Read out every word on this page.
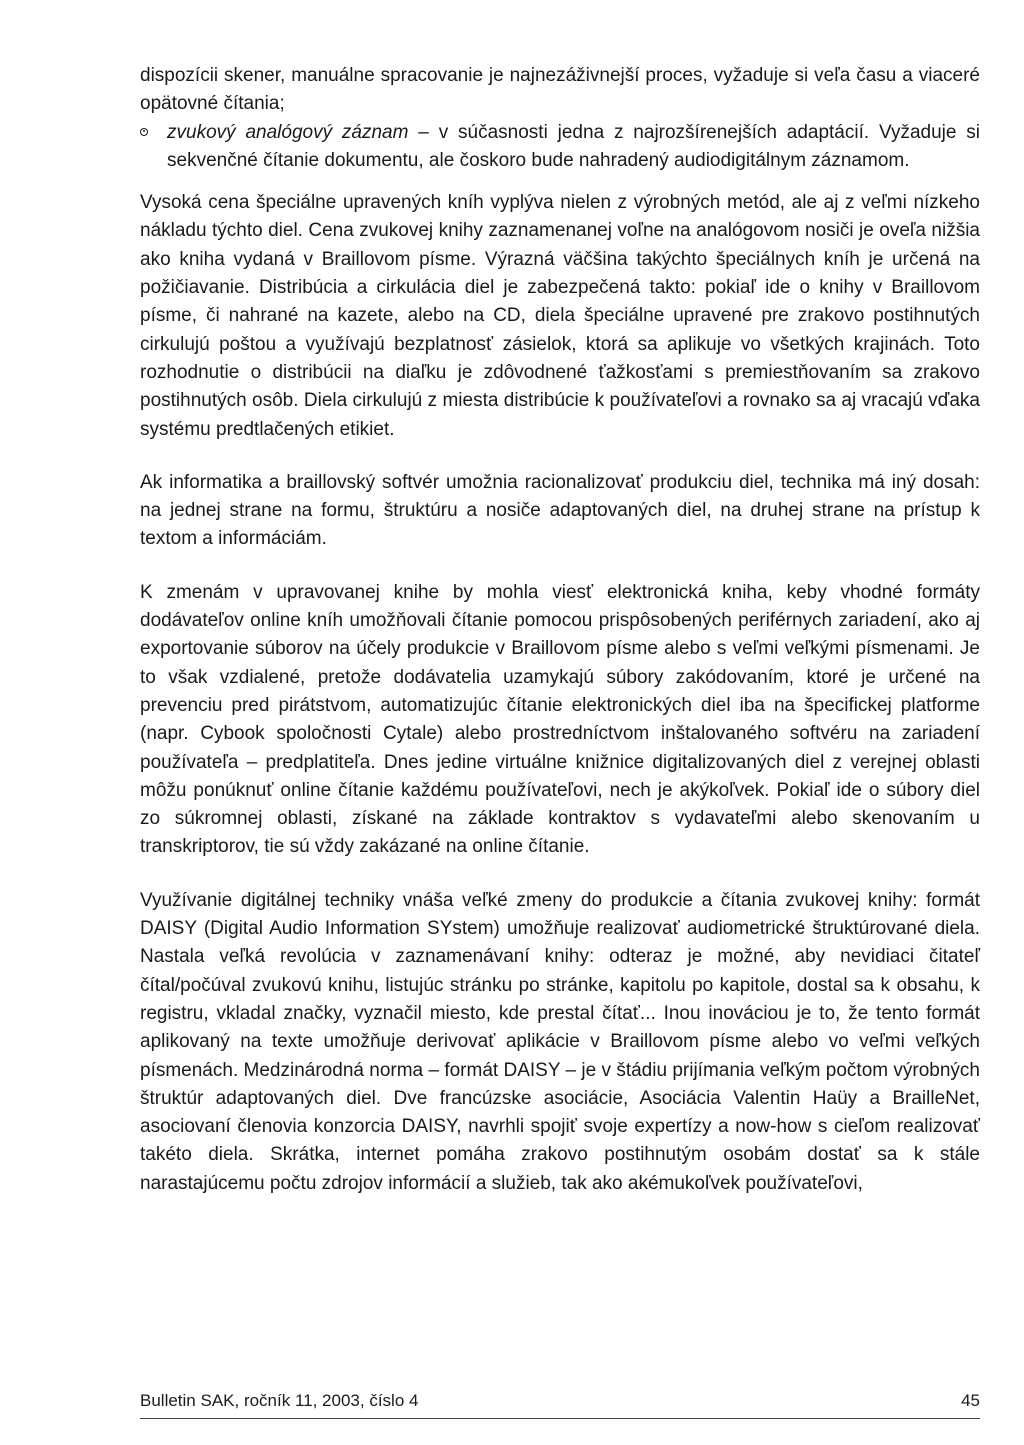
dispozícii skener, manuálne spracovanie je najnezáživnejší proces, vyžaduje si veľa času a viaceré opätovné čítania;
zvukový analógový záznam – v súčasnosti jedna z najrozšírenejších adaptácií. Vyžaduje si sekvenčné čítanie dokumentu, ale čoskoro bude nahradený audiodigitálnym záznamom.

Vysoká cena špeciálne upravených kníh vyplýva nielen z výrobných metód, ale aj z veľmi nízkeho nákladu týchto diel. Cena zvukovej knihy zaznamenanej voľne na analógovom nosiči je oveľa nižšia ako kniha vydaná v Braillovom písme. Výrazná väčšina takýchto špeciálnych kníh je určená na požičiavanie. Distribúcia a cirkulácia diel je zabezpečená takto: pokiaľ ide o knihy v Braillovom písme, či nahrané na kazete, alebo na CD, diela špeciálne upravené pre zrakovo postihnutých cirkulujú poštou a využívajú bezplatnosť zásielok, ktorá sa aplikuje vo všetkých krajinách. Toto rozhodnutie o distribúcii na diaľku je zdôvodnené ťažkosťami s premiestňovaním sa zrakovo postihnutých osôb. Diela cirkulujú z miesta distribúcie k používateľovi a rovnako sa aj vracajú vďaka systému predtlačených etikiet.

Ak informatika a braillovský softvér umožnia racionalizovať produkciu diel, technika má iný dosah: na jednej strane na formu, štruktúru a nosiče adaptovaných diel, na druhej strane na prístup k textom a informáciám.

K zmenám v upravovanej knihe by mohla viesť elektronická kniha, keby vhodné formáty dodávateľov online kníh umožňovali čítanie pomocou prispôsobených periférnych zariadení, ako aj exportovanie súborov na účely produkcie v Braillovom písme alebo s veľmi veľkými písmenami. Je to však vzdialené, pretože dodávatelia uzamykajú súbory zakódovaním, ktoré je určené na prevenciu pred pirátstvom, automatizujúc čítanie elektronických diel iba na špecifickej platforme (napr. Cybook spoločnosti Cytale) alebo prostredníctvom inštalovaného softvéru na zariadení používateľa – predplatiteľa. Dnes jedine virtuálne knižnice digitalizovaných diel z verejnej oblasti môžu ponúknuť online čítanie každému používateľovi, nech je akýkoľvek. Pokiaľ ide o súbory diel zo súkromnej oblasti, získané na základe kontraktov s vydavateľmi alebo skenovaním u transkriptorov, tie sú vždy zakázané na online čítanie.

Využívanie digitálnej techniky vnáša veľké zmeny do produkcie a čítania zvukovej knihy: formát DAISY (Digital Audio Information SYstem) umožňuje realizovať audiometrické štruktúrované diela. Nastala veľká revolúcia v zaznamenávaní knihy: odteraz je možné, aby nevidiaci čitateľ čítal/počúval zvukovú knihu, listujúc stránku po stránke, kapitolu po kapitole, dostal sa k obsahu, k registru, vkladal značky, vyznačil miesto, kde prestal čítať... Inou inováciou je to, že tento formát aplikovaný na texte umožňuje derivovať aplikácie v Braillovom písme alebo vo veľmi veľkých písmenách. Medzinárodná norma – formát DAISY – je v štádiu prijímania veľkým počtom výrobných štruktúr adaptovaných diel. Dve francúzske asociácie, Asociácia Valentin Haüy a BrailleNet, asociovaní členovia konzorcia DAISY, navrhli spojiť svoje expertízy a now-how s cieľom realizovať takéto diela. Skrátka, internet pomáha zrakovo postihnutým osobám dostať sa k stále narastajúcemu počtu zdrojov informácií a služieb, tak ako akémukoľvek používateľovi,

Bulletin SAK, ročník 11, 2003, číslo 4	45
